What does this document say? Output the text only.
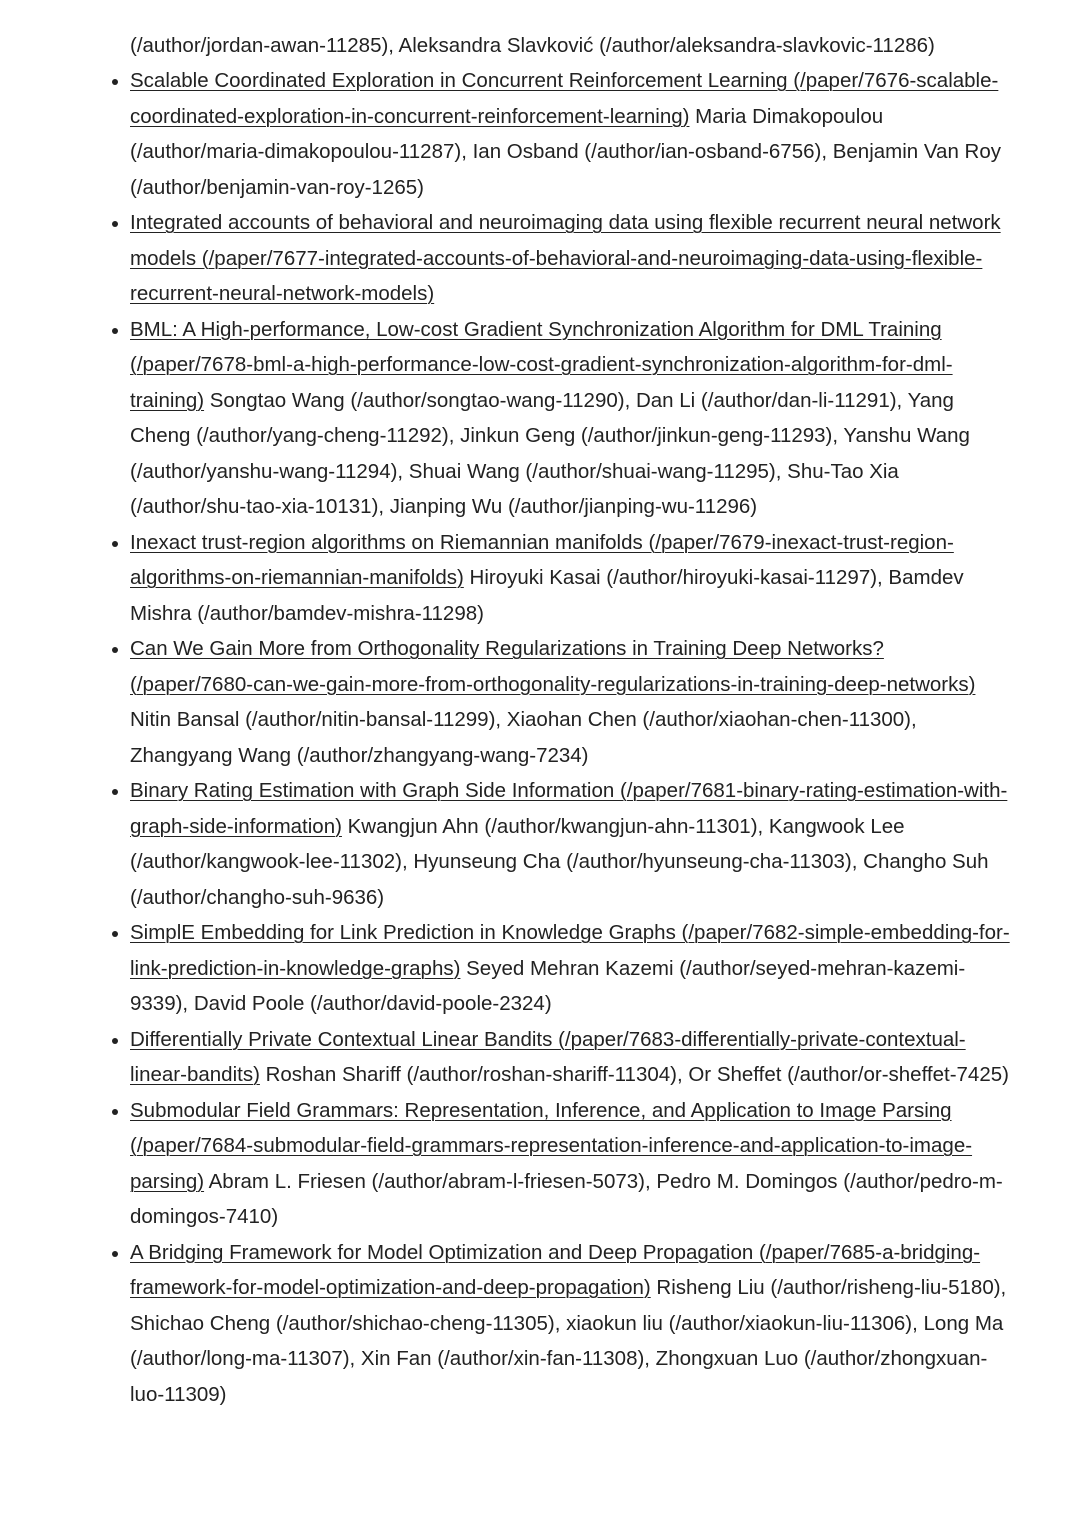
(/author/jordan-awan-11285), Aleksandra Slavković (/author/aleksandra-slavkovic-11286)
• Scalable Coordinated Exploration in Concurrent Reinforcement Learning (/paper/7676-scalable-coordinated-exploration-in-concurrent-reinforcement-learning) Maria Dimakopoulou (/author/maria-dimakopoulou-11287), Ian Osband (/author/ian-osband-6756), Benjamin Van Roy (/author/benjamin-van-roy-1265)
• Integrated accounts of behavioral and neuroimaging data using flexible recurrent neural network models (/paper/7677-integrated-accounts-of-behavioral-and-neuroimaging-data-using-flexible-recurrent-neural-network-models)
• BML: A High-performance, Low-cost Gradient Synchronization Algorithm for DML Training (/paper/7678-bml-a-high-performance-low-cost-gradient-synchronization-algorithm-for-dml-training) Songtao Wang (/author/songtao-wang-11290), Dan Li (/author/dan-li-11291), Yang Cheng (/author/yang-cheng-11292), Jinkun Geng (/author/jinkun-geng-11293), Yanshu Wang (/author/yanshu-wang-11294), Shuai Wang (/author/shuai-wang-11295), Shu-Tao Xia (/author/shu-tao-xia-10131), Jianping Wu (/author/jianping-wu-11296)
• Inexact trust-region algorithms on Riemannian manifolds (/paper/7679-inexact-trust-region-algorithms-on-riemannian-manifolds) Hiroyuki Kasai (/author/hiroyuki-kasai-11297), Bamdev Mishra (/author/bamdev-mishra-11298)
• Can We Gain More from Orthogonality Regularizations in Training Deep Networks? (/paper/7680-can-we-gain-more-from-orthogonality-regularizations-in-training-deep-networks) Nitin Bansal (/author/nitin-bansal-11299), Xiaohan Chen (/author/xiaohan-chen-11300), Zhangyang Wang (/author/zhangyang-wang-7234)
• Binary Rating Estimation with Graph Side Information (/paper/7681-binary-rating-estimation-with-graph-side-information) Kwangjun Ahn (/author/kwangjun-ahn-11301), Kangwook Lee (/author/kangwook-lee-11302), Hyunseung Cha (/author/hyunseung-cha-11303), Changho Suh (/author/changho-suh-9636)
• SimplE Embedding for Link Prediction in Knowledge Graphs (/paper/7682-simple-embedding-for-link-prediction-in-knowledge-graphs) Seyed Mehran Kazemi (/author/seyed-mehran-kazemi-9339), David Poole (/author/david-poole-2324)
• Differentially Private Contextual Linear Bandits (/paper/7683-differentially-private-contextual-linear-bandits) Roshan Shariff (/author/roshan-shariff-11304), Or Sheffet (/author/or-sheffet-7425)
• Submodular Field Grammars: Representation, Inference, and Application to Image Parsing (/paper/7684-submodular-field-grammars-representation-inference-and-application-to-image-parsing) Abram L. Friesen (/author/abram-l-friesen-5073), Pedro M. Domingos (/author/pedro-m-domingos-7410)
• A Bridging Framework for Model Optimization and Deep Propagation (/paper/7685-a-bridging-framework-for-model-optimization-and-deep-propagation) Risheng Liu (/author/risheng-liu-5180), Shichao Cheng (/author/shichao-cheng-11305), xiaokun liu (/author/xiaokun-liu-11306), Long Ma (/author/long-ma-11307), Xin Fan (/author/xin-fan-11308), Zhongxuan Luo (/author/zhongxuan-luo-11309)
